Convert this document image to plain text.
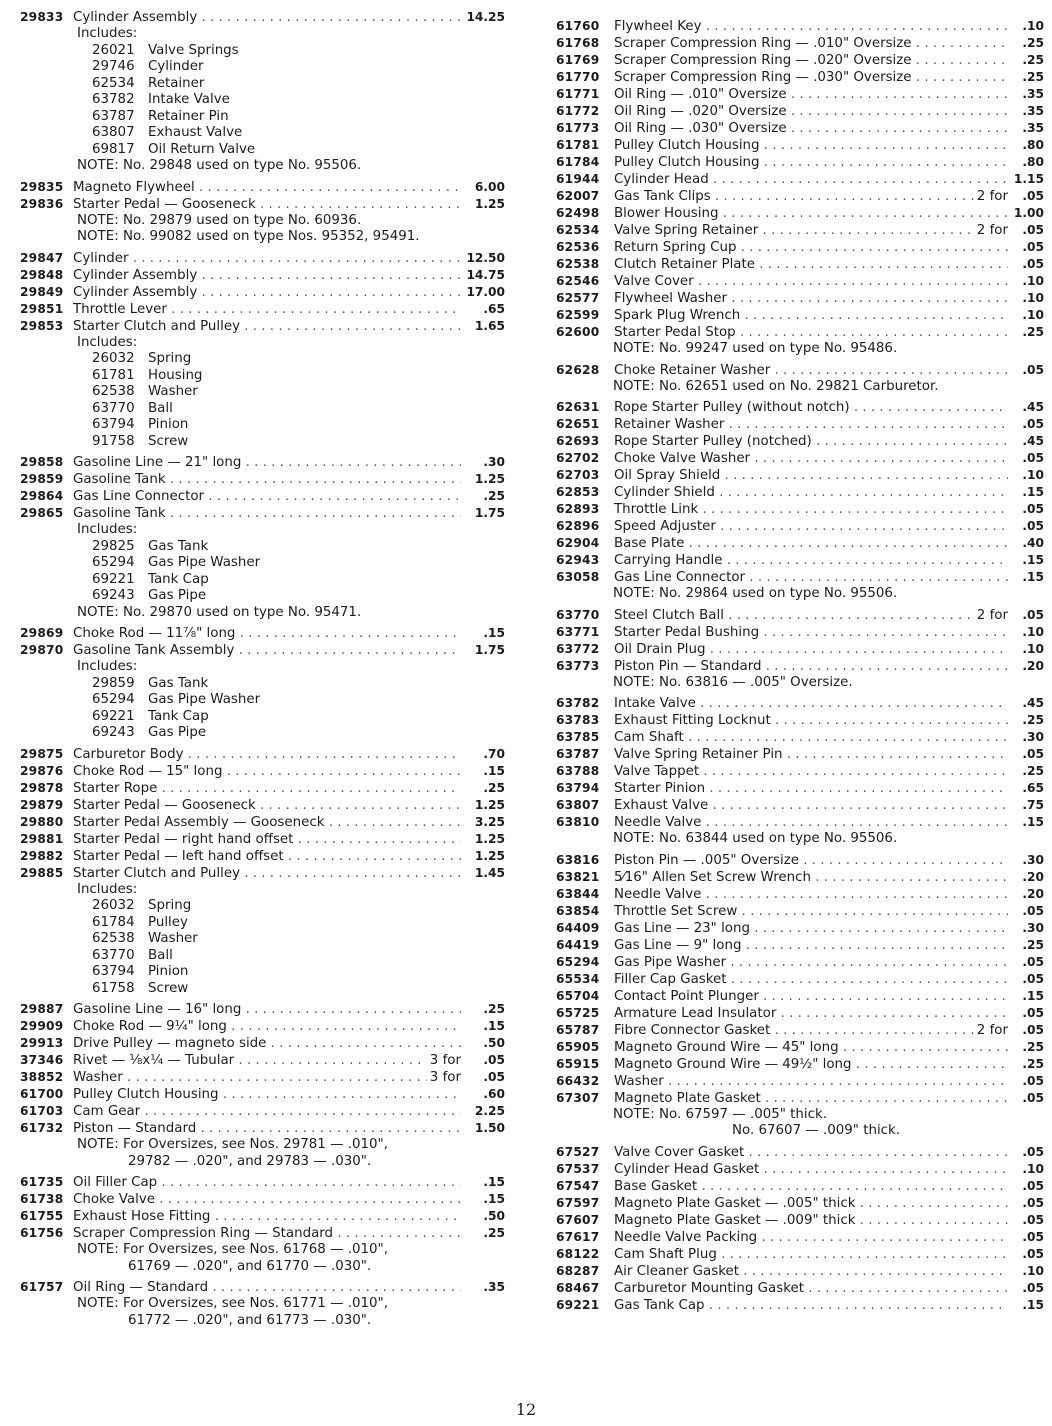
29833 Cylinder Assembly . . .	14.25
Includes:
26021 Valve Springs
29746 Cylinder
62534 Retainer
63782 Intake Valve
63787 Retainer Pin
63807 Exhaust Valve
69817 Oil Return Valve
NOTE: No. 29848 used on type No. 95506.
29835 Magneto Flywheel . . .	6.00
29836 Starter Pedal — Gooseneck . . .	1.25
NOTE: No. 29879 used on type No. 60936.
NOTE: No. 99082 used on type Nos. 95352, 95491.
29847 Cylinder . . .	12.50
29848 Cylinder Assembly . . .	14.75
29849 Cylinder Assembly . . .	17.00
29851 Throttle Lever . . .	.65
29853 Starter Clutch and Pulley . . .	1.65
Includes:
26032 Spring
61781 Housing
62538 Washer
63770 Ball
63794 Pinion
91758 Screw
29858 Gasoline Line — 21" long . . .	.30
29859 Gasoline Tank . . .	1.25
29864 Gas Line Connector . . .	.25
29865 Gasoline Tank . . .	1.75
Includes:
29825 Gas Tank
65294 Gas Pipe Washer
69221 Tank Cap
69243 Gas Pipe
NOTE: No. 29870 used on type No. 95471.
29869 Choke Rod — 11⅞" long . . .	.15
29870 Gasoline Tank Assembly . . .	1.75
Includes:
29859 Gas Tank
65294 Gas Pipe Washer
69221 Tank Cap
69243 Gas Pipe
29875 Carburetor Body . . .	.70
29876 Choke Rod — 15" long . . .	.15
29878 Starter Rope . . .	.25
29879 Starter Pedal — Gooseneck . . .	1.25
29880 Starter Pedal Assembly — Gooseneck . . .	3.25
29881 Starter Pedal — right hand offset . . .	1.25
29882 Starter Pedal — left hand offset . . .	1.25
29885 Starter Clutch and Pulley . . .	1.45
Includes:
26032 Spring
61784 Pulley
62538 Washer
63770 Ball
63794 Pinion
61758 Screw
29887 Gasoline Line — 16" long . . .	.25
29909 Choke Rod — 9¼" long . . .	.15
29913 Drive Pulley — magneto side . . .	.50
37346 Rivet — ⅛x¼ — Tubular . . .	3 for	.05
38852 Washer . . .	3 for	.05
61700 Pulley Clutch Housing . . .	.60
61703 Cam Gear . . .	2.25
61732 Piston — Standard . . .	1.50
NOTE: For Oversizes, see Nos. 29781 — .010",
29782 — .020", and 29783 — .030".
61735 Oil Filler Cap . . .	.15
61738 Choke Valve . . .	.15
61755 Exhaust Hose Fitting . . .	.50
61756 Scraper Compression Ring — Standard . . .	.25
NOTE: For Oversizes, see Nos. 61768 — .010",
61769 — .020", and 61770 — .030".
61757 Oil Ring — Standard . . .	.35
NOTE: For Oversizes, see Nos. 61771 — .010",
61772 — .020", and 61773 — .030".
61760	Flywheel Key . . .	.10
61768	Scraper Compression Ring — .010" Oversize . . .	.25
61769	Scraper Compression Ring — .020" Oversize . . .	.25
61770	Scraper Compression Ring — .030" Oversize . . .	.25
61771	Oil Ring — .010" Oversize . . .	.35
61772	Oil Ring — .020" Oversize . . .	.35
61773	Oil Ring — .030" Oversize . . .	.35
61781	Pulley Clutch Housing . . .	.80
61784	Pulley Clutch Housing . . .	.80
61944	Cylinder Head . . .	1.15
62007	Gas Tank Clips . . .	2 for	.05
62498	Blower Housing . . .	1.00
62534	Valve Spring Retainer . . .	2 for	.05
62536	Return Spring Cup . . .	.05
62538	Clutch Retainer Plate . . .	.05
62546	Valve Cover . . .	.10
62577	Flywheel Washer . . .	.10
62599	Spark Plug Wrench . . .	.10
62600	Starter Pedal Stop . . .	.25
NOTE: No. 99247 used on type No. 95486.
62628	Choke Retainer Washer . . .	.05
NOTE: No. 62651 used on No. 29821 Carburetor.
62631	Rope Starter Pulley (without notch) . . .	.45
62651	Retainer Washer . . .	.05
62693	Rope Starter Pulley (notched) . . .	.45
62702	Choke Valve Washer . . .	.05
62703	Oil Spray Shield . . .	.10
62853	Cylinder Shield . . .	.15
62893	Throttle Link . . .	.05
62896	Speed Adjuster . . .	.05
62904	Base Plate . . .	.40
62943	Carrying Handle . . .	.15
63058	Gas Line Connector . . .	.15
NOTE: No. 29864 used on type No. 95506.
63770	Steel Clutch Ball . . .	2 for	.05
63771	Starter Pedal Bushing . . .	.10
63772	Oil Drain Plug . . .	.10
63773	Piston Pin — Standard . . .	.20
NOTE: No. 63816 — .005" Oversize.
63782	Intake Valve . . .	.45
63783	Exhaust Fitting Locknut . . .	.25
63785	Cam Shaft . . .	.30
63787	Valve Spring Retainer Pin . . .	.05
63788	Valve Tappet . . .	.25
63794	Starter Pinion . . .	.65
63807	Exhaust Valve . . .	.75
63810	Needle Valve . . .	.15
NOTE: No. 63844 used on type No. 95506.
63816	Piston Pin — .005" Oversize . . .	.30
63821	5⁄16" Allen Set Screw Wrench . . .	.20
63844	Needle Valve . . .	.20
63854	Throttle Set Screw . . .	.05
64409	Gas Line — 23" long . . .	.30
64419	Gas Line — 9" long . . .	.25
65294	Gas Pipe Washer . . .	.05
65534	Filler Cap Gasket . . .	.05
65704	Contact Point Plunger . . .	.15
65725	Armature Lead Insulator . . .	.05
65787	Fibre Connector Gasket . . .	2 for	.05
65905	Magneto Ground Wire — 45" long . . .	.25
65915	Magneto Ground Wire — 49½" long . . .	.25
66432	Washer . . .	.05
67307	Magneto Plate Gasket . . .	.05
NOTE: No. 67597 — .005" thick.
No. 67607 — .009" thick.
67527	Valve Cover Gasket . . .	.05
67537	Cylinder Head Gasket . . .	.10
67547	Base Gasket . . .	.05
67597	Magneto Plate Gasket — .005" thick . . .	.05
67607	Magneto Plate Gasket — .009" thick . . .	.05
67617	Needle Valve Packing . . .	.05
68122	Cam Shaft Plug . . .	.05
68287	Air Cleaner Gasket . . .	.10
68467	Carburetor Mounting Gasket . . .	.05
69221	Gas Tank Cap . . .	.15
12
